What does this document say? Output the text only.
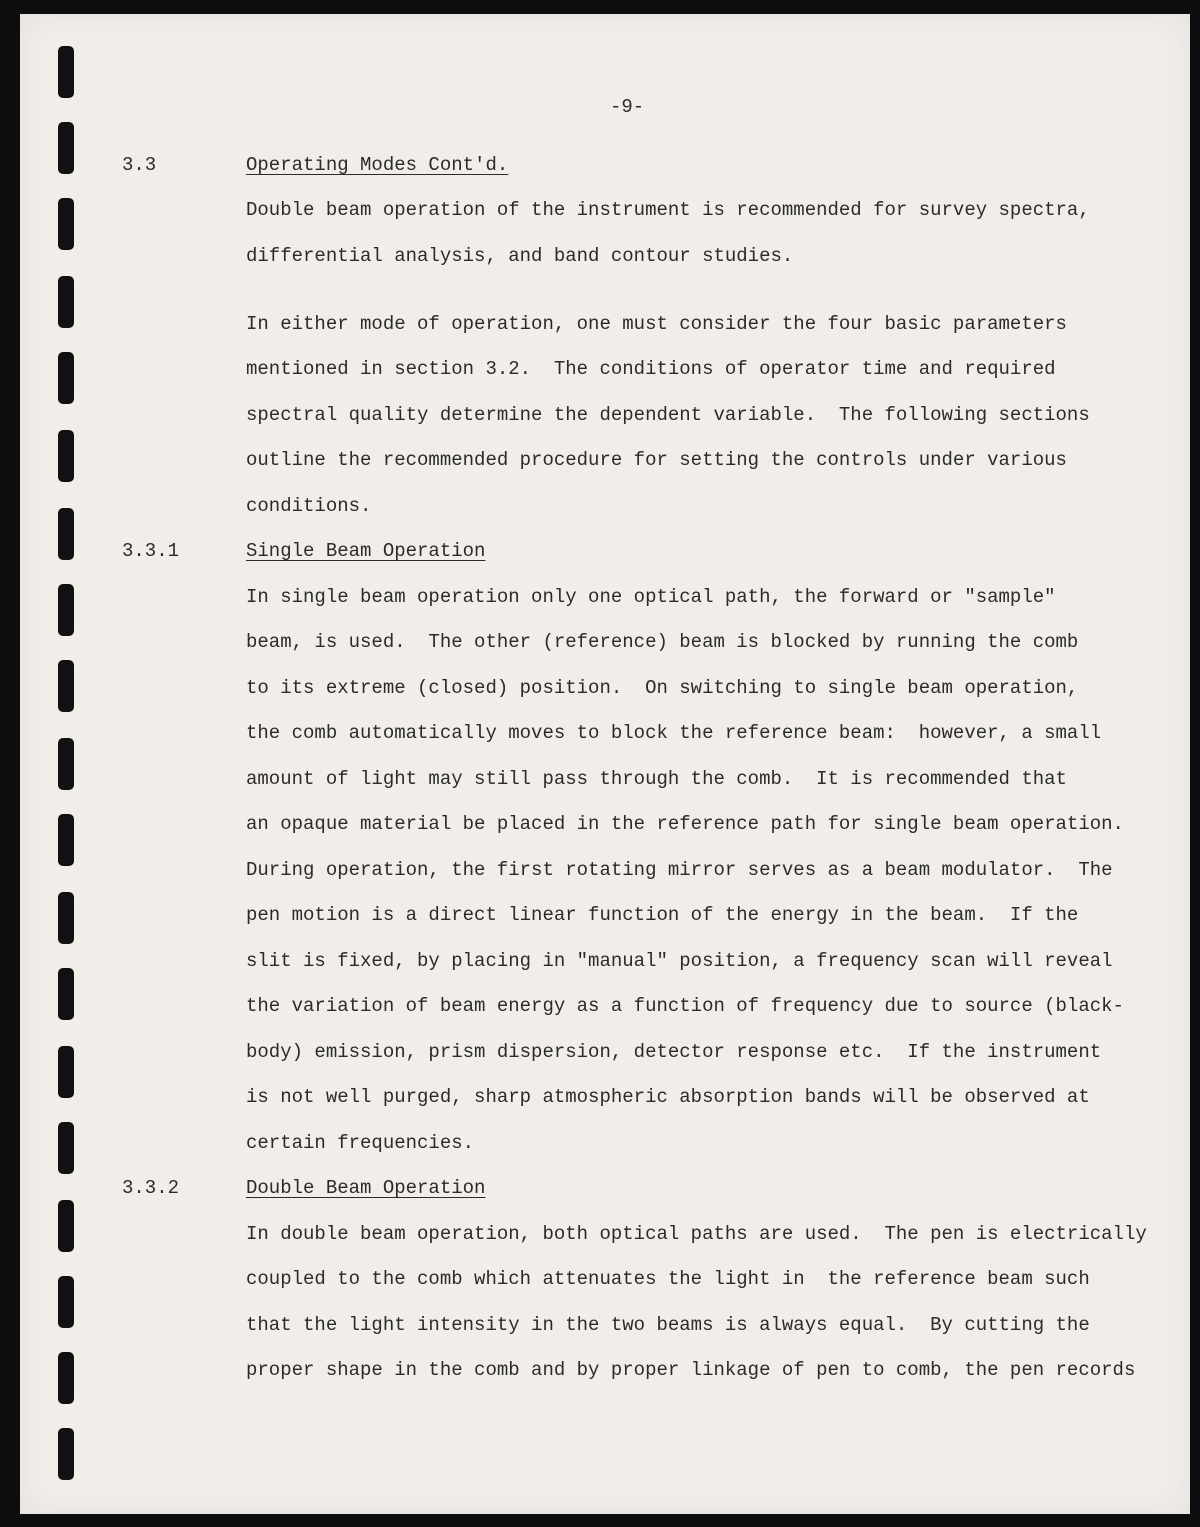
-9-
3.3	Operating Modes Cont'd.
Double beam operation of the instrument is recommended for survey spectra,
differential analysis, and band contour studies.
In either mode of operation, one must consider the four basic parameters
mentioned in section 3.2.  The conditions of operator time and required
spectral quality determine the dependent variable.  The following sections
outline the recommended procedure for setting the controls under various
conditions.
3.3.1	Single Beam Operation
In single beam operation only one optical path, the forward or "sample"
beam, is used.  The other (reference) beam is blocked by running the comb
to its extreme (closed) position.  On switching to single beam operation,
the comb automatically moves to block the reference beam:  however, a small
amount of light may still pass through the comb.  It is recommended that
an opaque material be placed in the reference path for single beam operation.
During operation, the first rotating mirror serves as a beam modulator.  The
pen motion is a direct linear function of the energy in the beam.  If the
slit is fixed, by placing in "manual" position, a frequency scan will reveal
the variation of beam energy as a function of frequency due to source (black-
body) emission, prism dispersion, detector response etc.  If the instrument
is not well purged, sharp atmospheric absorption bands will be observed at
certain frequencies.
3.3.2	Double Beam Operation
In double beam operation, both optical paths are used.  The pen is electrically
coupled to the comb which attenuates the light in  the reference beam such
that the light intensity in the two beams is always equal.  By cutting the
proper shape in the comb and by proper linkage of pen to comb, the pen records
